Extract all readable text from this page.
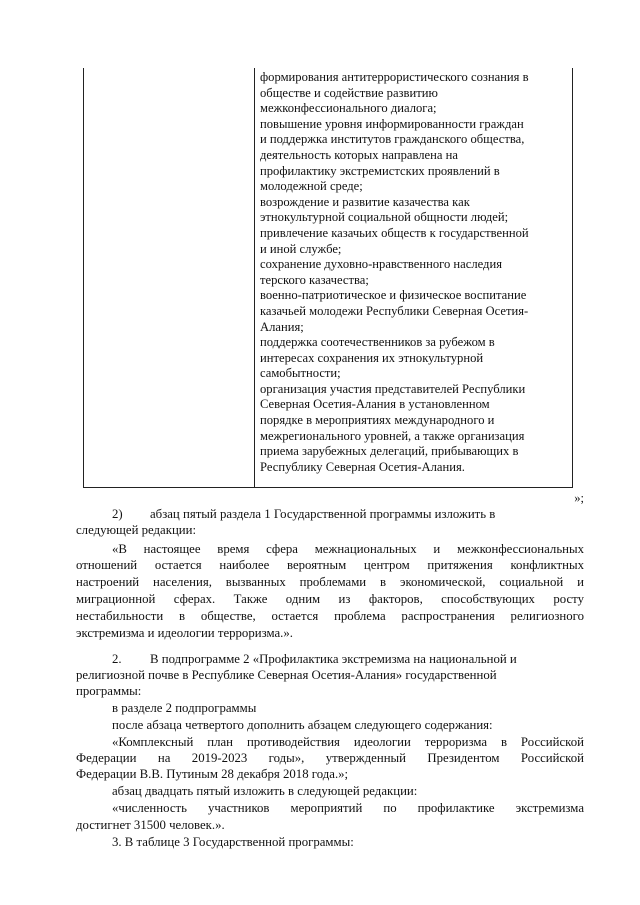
формирования антитеррористического сознания в
обществе и содействие развитию
межконфессионального диалога;
повышение уровня информированности граждан
и поддержка институтов гражданского общества,
деятельность которых направлена на
профилактику экстремистских проявлений в
молодежной среде;
возрождение и развитие казачества как
этнокультурной социальной общности людей;
привлечение казачьих обществ к государственной
и иной службе;
сохранение духовно-нравственного наследия
терского казачества;
военно-патриотическое и физическое воспитание
казачьей молодежи Республики Северная Осетия-
Алания;
поддержка соотечественников за рубежом в
интересах сохранения их этнокультурной
самобытности;
организация участия представителей Республики
Северная Осетия-Алания в установленном
порядке в мероприятиях международного и
межрегионального уровней, а также организация
приема зарубежных делегаций, прибывающих в
Республику Северная Осетия-Алания.
»;
2) абзац пятый раздела 1 Государственной программы изложить в
следующей редакции:
«В настоящее время сфера межнациональных и межконфессиональных
отношений остается наиболее вероятным центром притяжения конфликтных
настроений населения, вызванных проблемами в экономической, социальной и
миграционной сферах. Также одним из факторов, способствующих росту
нестабильности в обществе, остается проблема распространения религиозного
экстремизма и идеологии терроризма.».
2. В подпрограмме 2 «Профилактика экстремизма на национальной и
религиозной почве в Республике Северная Осетия-Алания» государственной
программы:
в разделе 2 подпрограммы
после абзаца четвертого дополнить абзацем следующего содержания:
«Комплексный план противодействия идеологии терроризма в Российской
Федерации на 2019-2023 годы», утвержденный Президентом Российской
Федерации В.В. Путиным 28 декабря 2018 года.»;
абзац двадцать пятый изложить в следующей редакции:
«численность участников мероприятий по профилактике экстремизма
достигнет 31500 человек.».
3. В таблице 3 Государственной программы:
